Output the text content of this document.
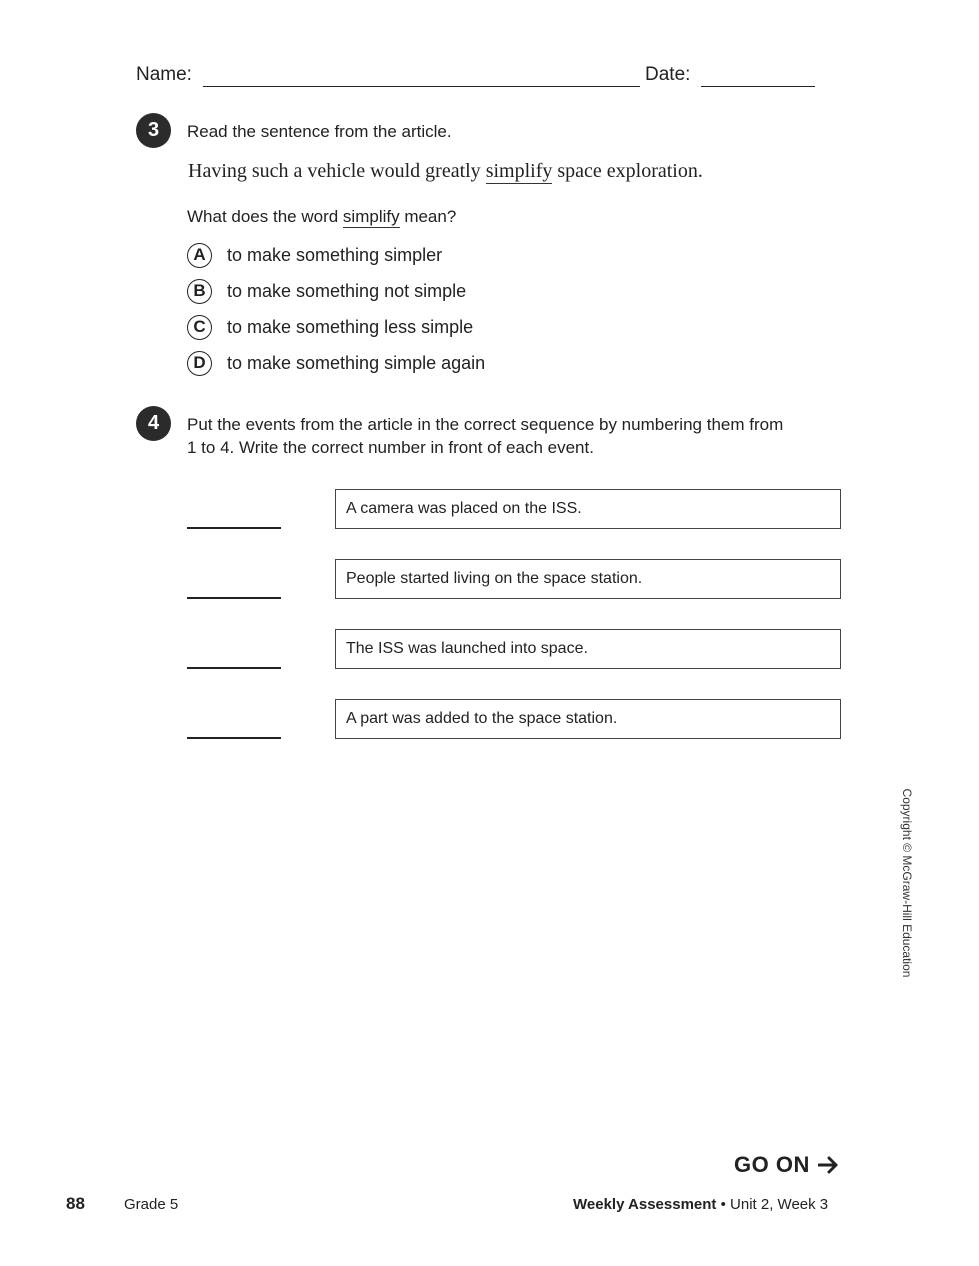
Name:	Date:
3	Read the sentence from the article.
Having such a vehicle would greatly simplify space exploration.
What does the word simplify mean?
A	to make something simpler
B	to make something not simple
C	to make something less simple
D	to make something simple again
4	Put the events from the article in the correct sequence by numbering them from
1 to 4. Write the correct number in front of each event.
A camera was placed on the ISS.
People started living on the space station.
The ISS was launched into space.
A part was added to the space station.
Copyright © McGraw-Hill Education
GO ON
88	Grade 5	Weekly Assessment • Unit 2, Week 3
